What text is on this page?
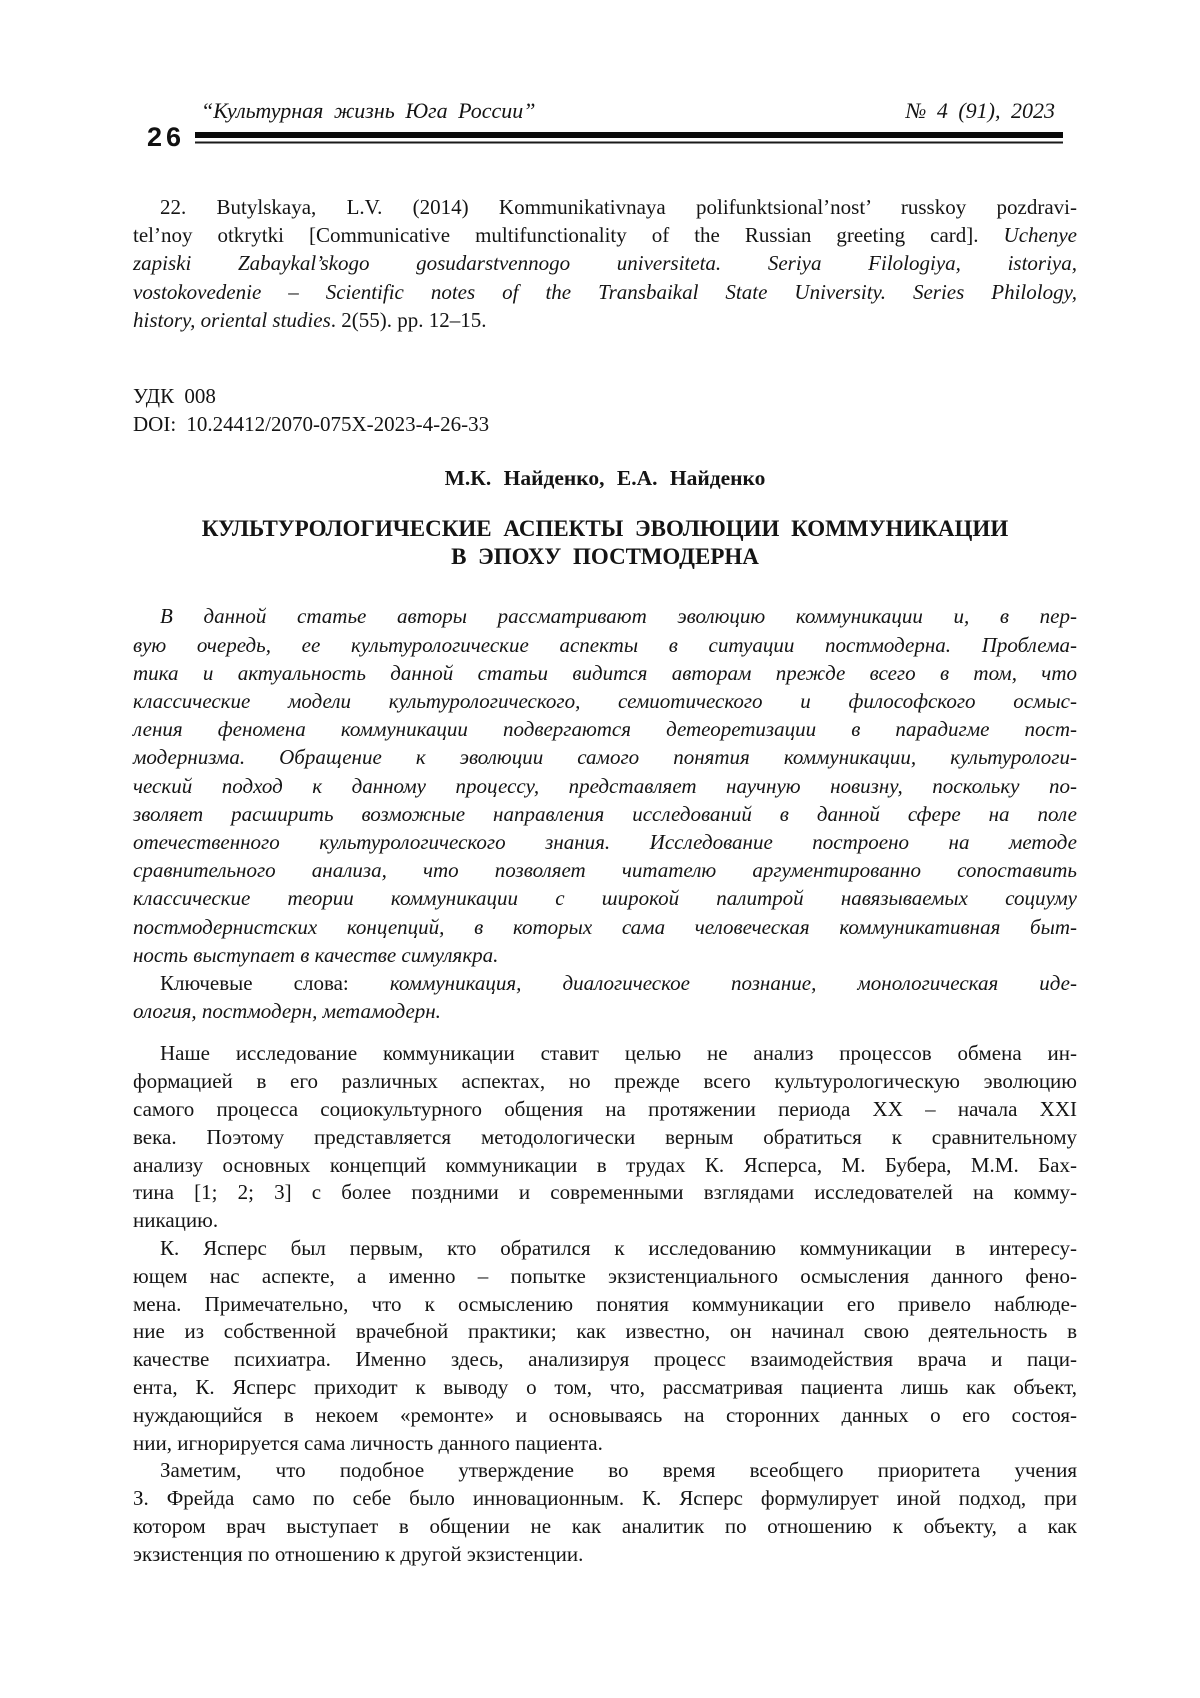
26
“Культурная жизнь Юга России”	№ 4 (91), 2023
22. Butylskaya, L.V. (2014) Kommunikativnaya polifunktsional’nost’ russkoy pozdravi-
tel’noy otkrytki [Communicative multifunctionality of the Russian greeting card]. Uchenye
zapiski Zabaykal’skogo gosudarstvennogo universiteta. Seriya Filologiya, istoriya,
vostokovedenie – Scientific notes of the Transbaikal State University. Series Philology,
history, oriental studies. 2(55). pp. 12–15.
УДК 008
DOI: 10.24412/2070-075X-2023-4-26-33
М.К. Найденко, Е.А. Найденко
КУЛЬТУРОЛОГИЧЕСКИЕ АСПЕКТЫ ЭВОЛЮЦИИ КОММУНИКАЦИИ
В ЭПОХУ ПОСТМОДЕРНА
В данной статье авторы рассматривают эволюцию коммуникации и, в пер-
вую очередь, ее культурологические аспекты в ситуации постмодерна. Проблема-
тика и актуальность данной статьи видится авторам прежде всего в том, что
классические модели культурологического, семиотического и философского осмыс-
ления феномена коммуникации подвергаются детеоретизации в парадигме пост-
модернизма. Обращение к эволюции самого понятия коммуникации, культурологи-
ческий подход к данному процессу, представляет научную новизну, поскольку по-
зволяет расширить возможные направления исследований в данной сфере на поле
отечественного культурологического знания. Исследование построено на методе
сравнительного анализа, что позволяет читателю аргументированно сопоставить
классические теории коммуникации с широкой палитрой навязываемых социуму
постмодернистских концепций, в которых сама человеческая коммуникативная быт-
ность выступает в качестве симулякра.
Ключевые слова: коммуникация, диалогическое познание, монологическая иде-
ология, постмодерн, метамодерн.
Наше исследование коммуникации ставит целью не анализ процессов обмена ин-
формацией в его различных аспектах, но прежде всего культурологическую эволюцию
самого процесса социокультурного общения на протяжении периода XX – начала XXI
века. Поэтому представляется методологически верным обратиться к сравнительному
анализу основных концепций коммуникации в трудах К. Ясперса, М. Бубера, М.М. Бах-
тина [1; 2; 3] с более поздними и современными взглядами исследователей на комму-
никацию.
К. Ясперс был первым, кто обратился к исследованию коммуникации в интересу-
ющем нас аспекте, а именно – попытке экзистенциального осмысления данного фено-
мена. Примечательно, что к осмыслению понятия коммуникации его привело наблюде-
ние из собственной врачебной практики; как известно, он начинал свою деятельность в
качестве психиатра. Именно здесь, анализируя процесс взаимодействия врача и паци-
ента, К. Ясперс приходит к выводу о том, что, рассматривая пациента лишь как объект,
нуждающийся в некоем «ремонте» и основываясь на сторонних данных о его состоя-
нии, игнорируется сама личность данного пациента.
Заметим, что подобное утверждение во время всеобщего приоритета учения
З. Фрейда само по себе было инновационным. К. Ясперс формулирует иной подход, при
котором врач выступает в общении не как аналитик по отношению к объекту, а как
экзистенция по отношению к другой экзистенции.
